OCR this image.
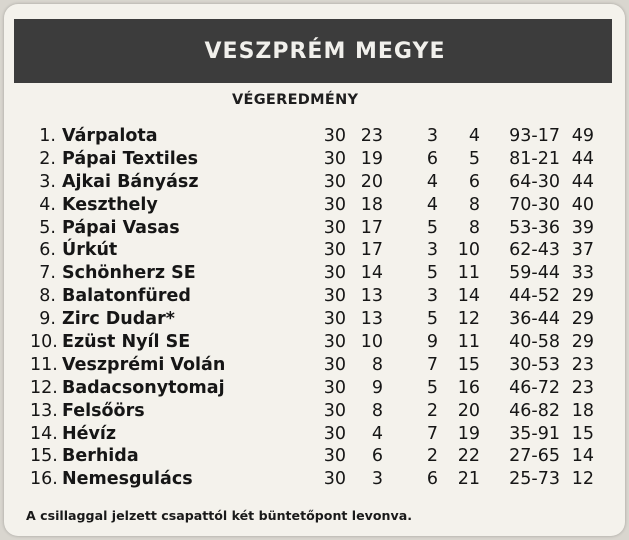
VESZPRÉM MEGYE
VÉGEREDMÉNY
1. Várpalota	30 23	3	4	93-17 49
2. Pápai Textiles	30 19	6	5	81-21 44
3. Ajkai Bányász	30 20	4	6	64-30 44
4. Keszthely	30 18	4	8	70-30 40
5. Pápai Vasas	30 17	5	8	53-36 39
6. Úrkút	30 17	3	10	62-43 37
7. Schönherz SE	30 14	5	11	59-44 33
8. Balatonfüred	30 13	3	14	44-52 29
9. Zirc Dudar*	30 13	5	12	36-44 29
10. Ezüst Nyíl SE	30 10	9	11	40-58 29
11. Veszprémi Volán	30	8	7	15	30-53 23
12. Badacsonytomaj	30	9	5	16	46-72 23
13. Felsőörs	30	8	2	20	46-82 18
14. Hévíz	30	4	7	19	35-91 15
15. Berhida	30	6	2	22	27-65 14
16. Nemesgulács	30	3	6	21	25-73 12
A csillaggal jelzett csapattól két büntetőpont levonva.
